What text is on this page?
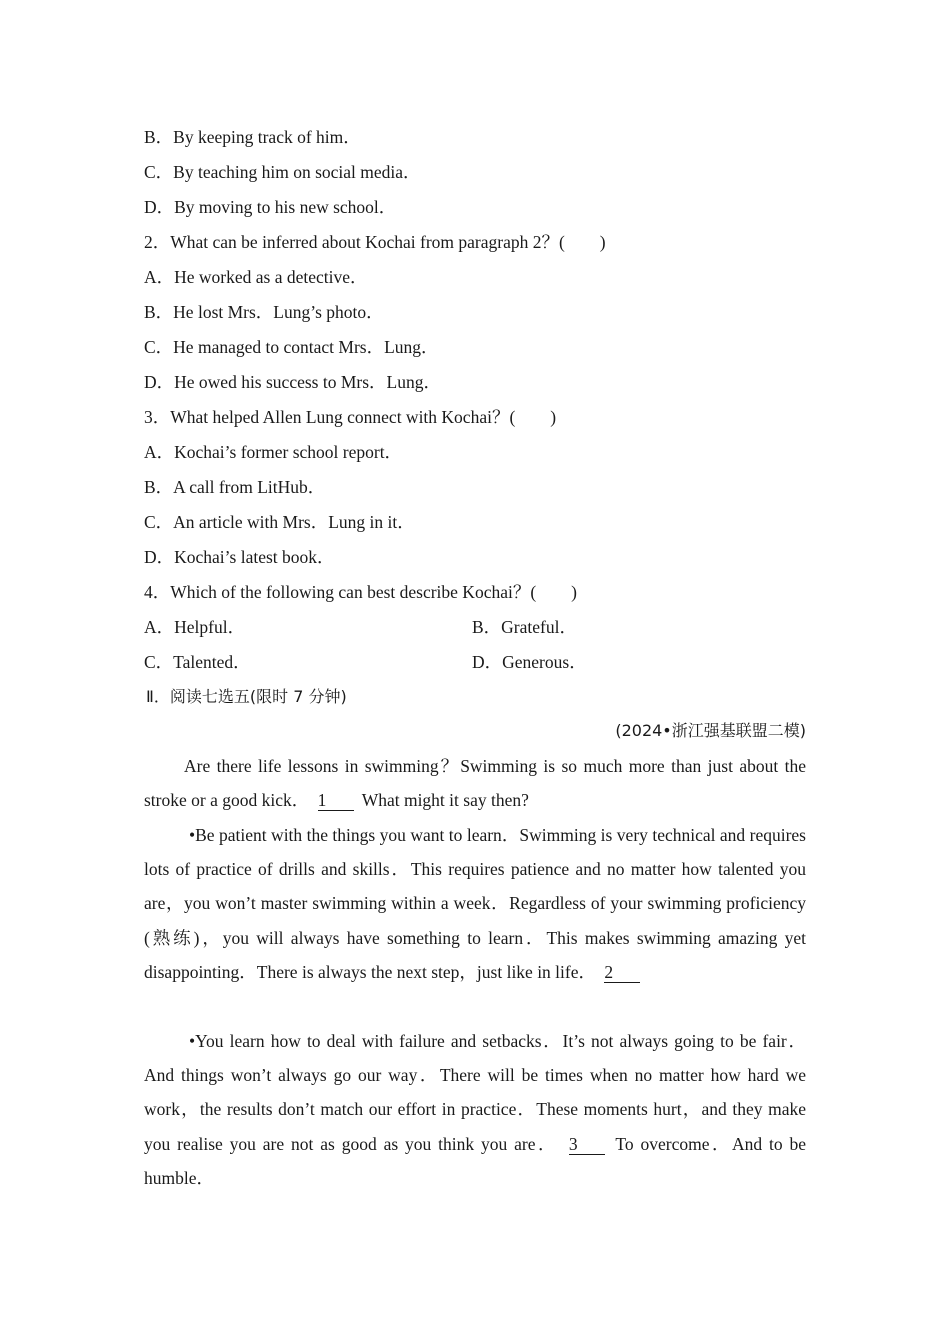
B．By keeping track of him．
C．By teaching him on social media．
D．By moving to his new school．
2．What can be inferred about Kochai from paragraph 2？(　　)
A．He worked as a detective．
B．He lost Mrs．Lung’s photo．
C．He managed to contact Mrs．Lung．
D．He owed his success to Mrs．Lung．
3．What helped Allen Lung connect with Kochai？(　　)
A．Kochai’s former school report．
B．A call from LitHub．
C．An article with Mrs．Lung in it．
D．Kochai’s latest book．
4．Which of the following can best describe Kochai？(　　)
A．Helpful．	B．Grateful．
C．Talented．	D．Generous．
Ⅱ．阅读七选五(限时 7 分钟)
(2024•浙江强基联盟二模)
Are there life lessons in swimming？Swimming is so much more than just about the stroke or a good kick． 1 What might it say then?
•Be patient with the things you want to learn．Swimming is very technical and requires lots of practice of drills and skills．This requires patience and no matter how talented you are，you won’t master swimming within a week．Regardless of your swimming proficiency (熟练)，you will always have something to learn．This makes swimming amazing yet disappointing．There is always the next step，just like in life． 2
•You learn how to deal with failure and setbacks．It’s not always going to be fair．And things won’t always go our way．There will be times when no matter how hard we work，the results don’t match our effort in practice．These moments hurt，and they make you realise you are not as good as you think you are． 3 To overcome．And to be humble．
